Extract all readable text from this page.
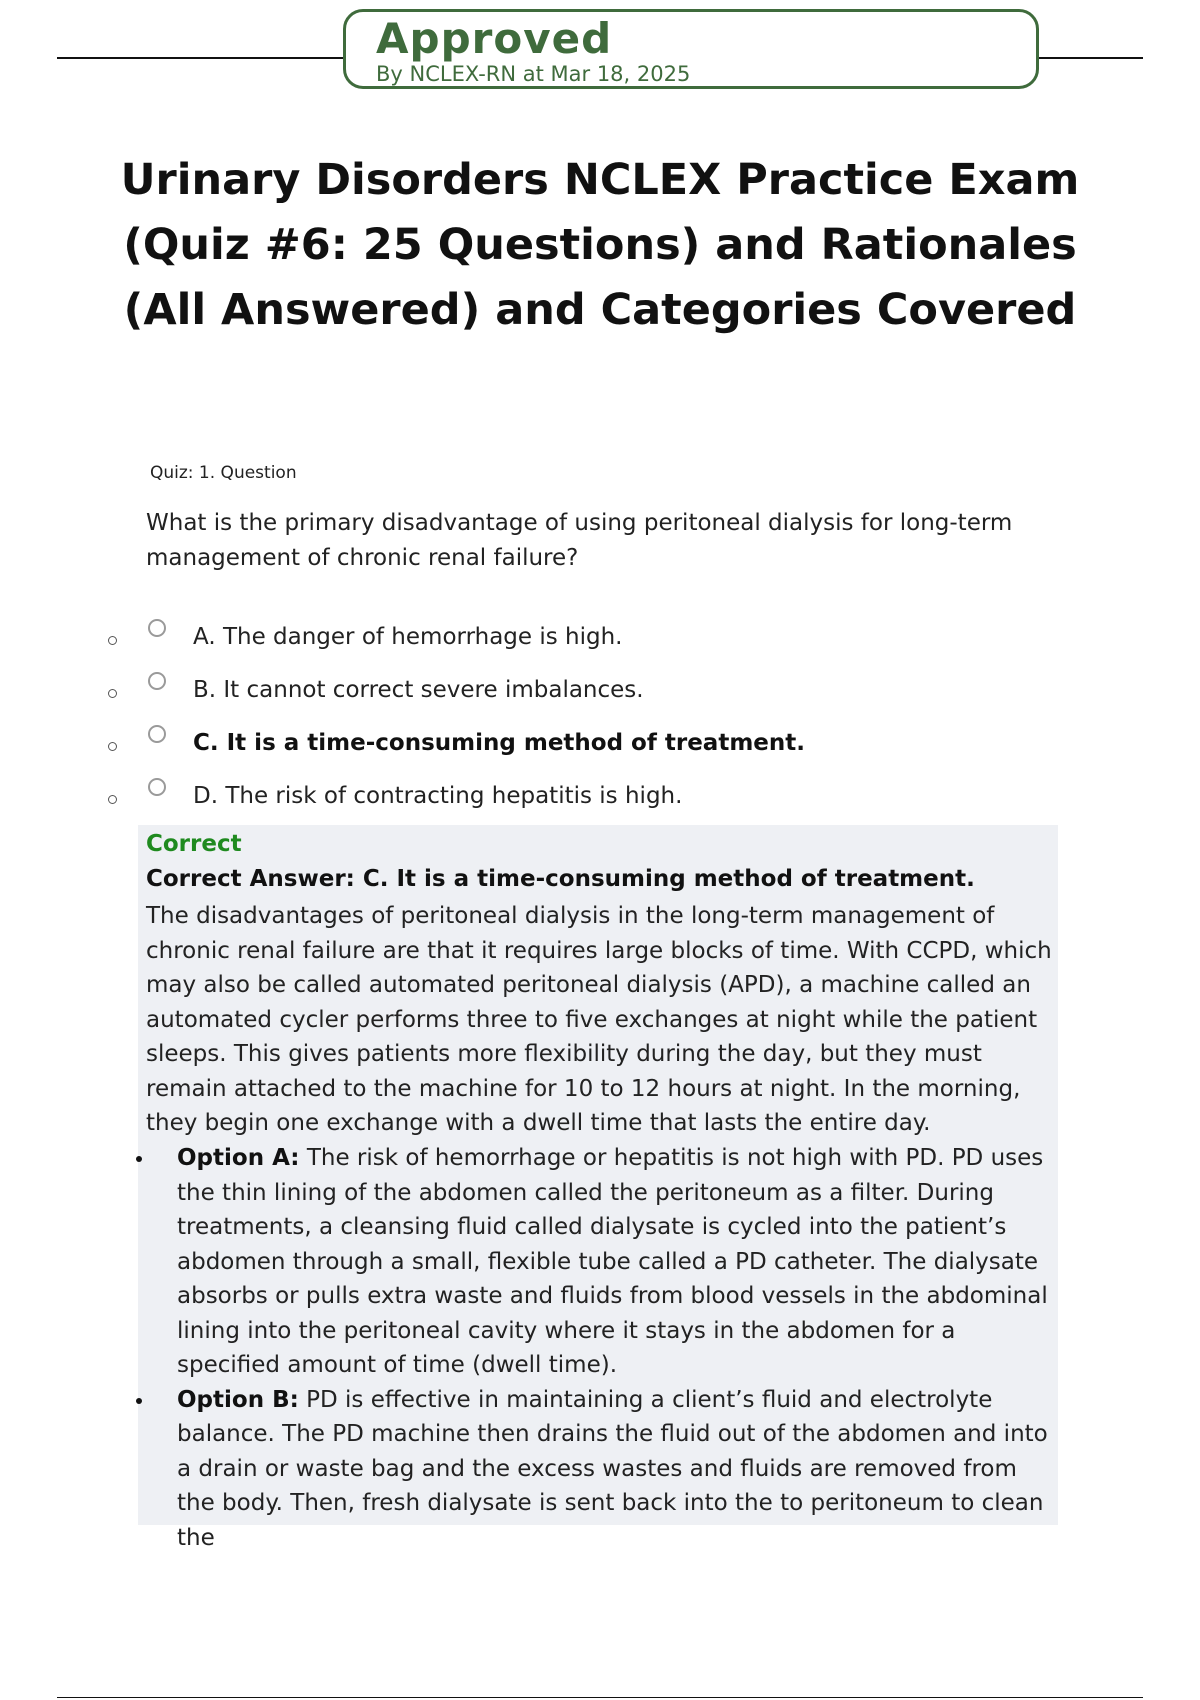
Approved
By NCLEX-RN at Mar 18, 2025
Urinary Disorders NCLEX Practice Exam
(Quiz #6: 25 Questions) and Rationales
(All Answered) and Categories Covered
Quiz: 1. Question

What is the primary disadvantage of using peritoneal dialysis for long-term management of chronic renal failure?

A. The danger of hemorrhage is high.
B. It cannot correct severe imbalances.
C. It is a time-consuming method of treatment.
D. The risk of contracting hepatitis is high.
Correct
Correct Answer: C. It is a time-consuming method of treatment.

The disadvantages of peritoneal dialysis in the long-term management of chronic renal failure are that it requires large blocks of time. With CCPD, which may also be called automated peritoneal dialysis (APD), a machine called an automated cycler performs three to five exchanges at night while the patient sleeps. This gives patients more flexibility during the day, but they must remain attached to the machine for 10 to 12 hours at night. In the morning, they begin one exchange with a dwell time that lasts the entire day.

Option A: The risk of hemorrhage or hepatitis is not high with PD. PD uses the thin lining of the abdomen called the peritoneum as a filter. During treatments, a cleansing fluid called dialysate is cycled into the patient’s abdomen through a small, flexible tube called a PD catheter. The dialysate absorbs or pulls extra waste and fluids from blood vessels in the abdominal lining into the peritoneal cavity where it stays in the abdomen for a specified amount of time (dwell time).
Option B: PD is effective in maintaining a client’s fluid and electrolyte balance. The PD machine then drains the fluid out of the abdomen and into a drain or waste bag and the excess wastes and fluids are removed from the body. Then, fresh dialysate is sent back into the to peritoneum to clean the
